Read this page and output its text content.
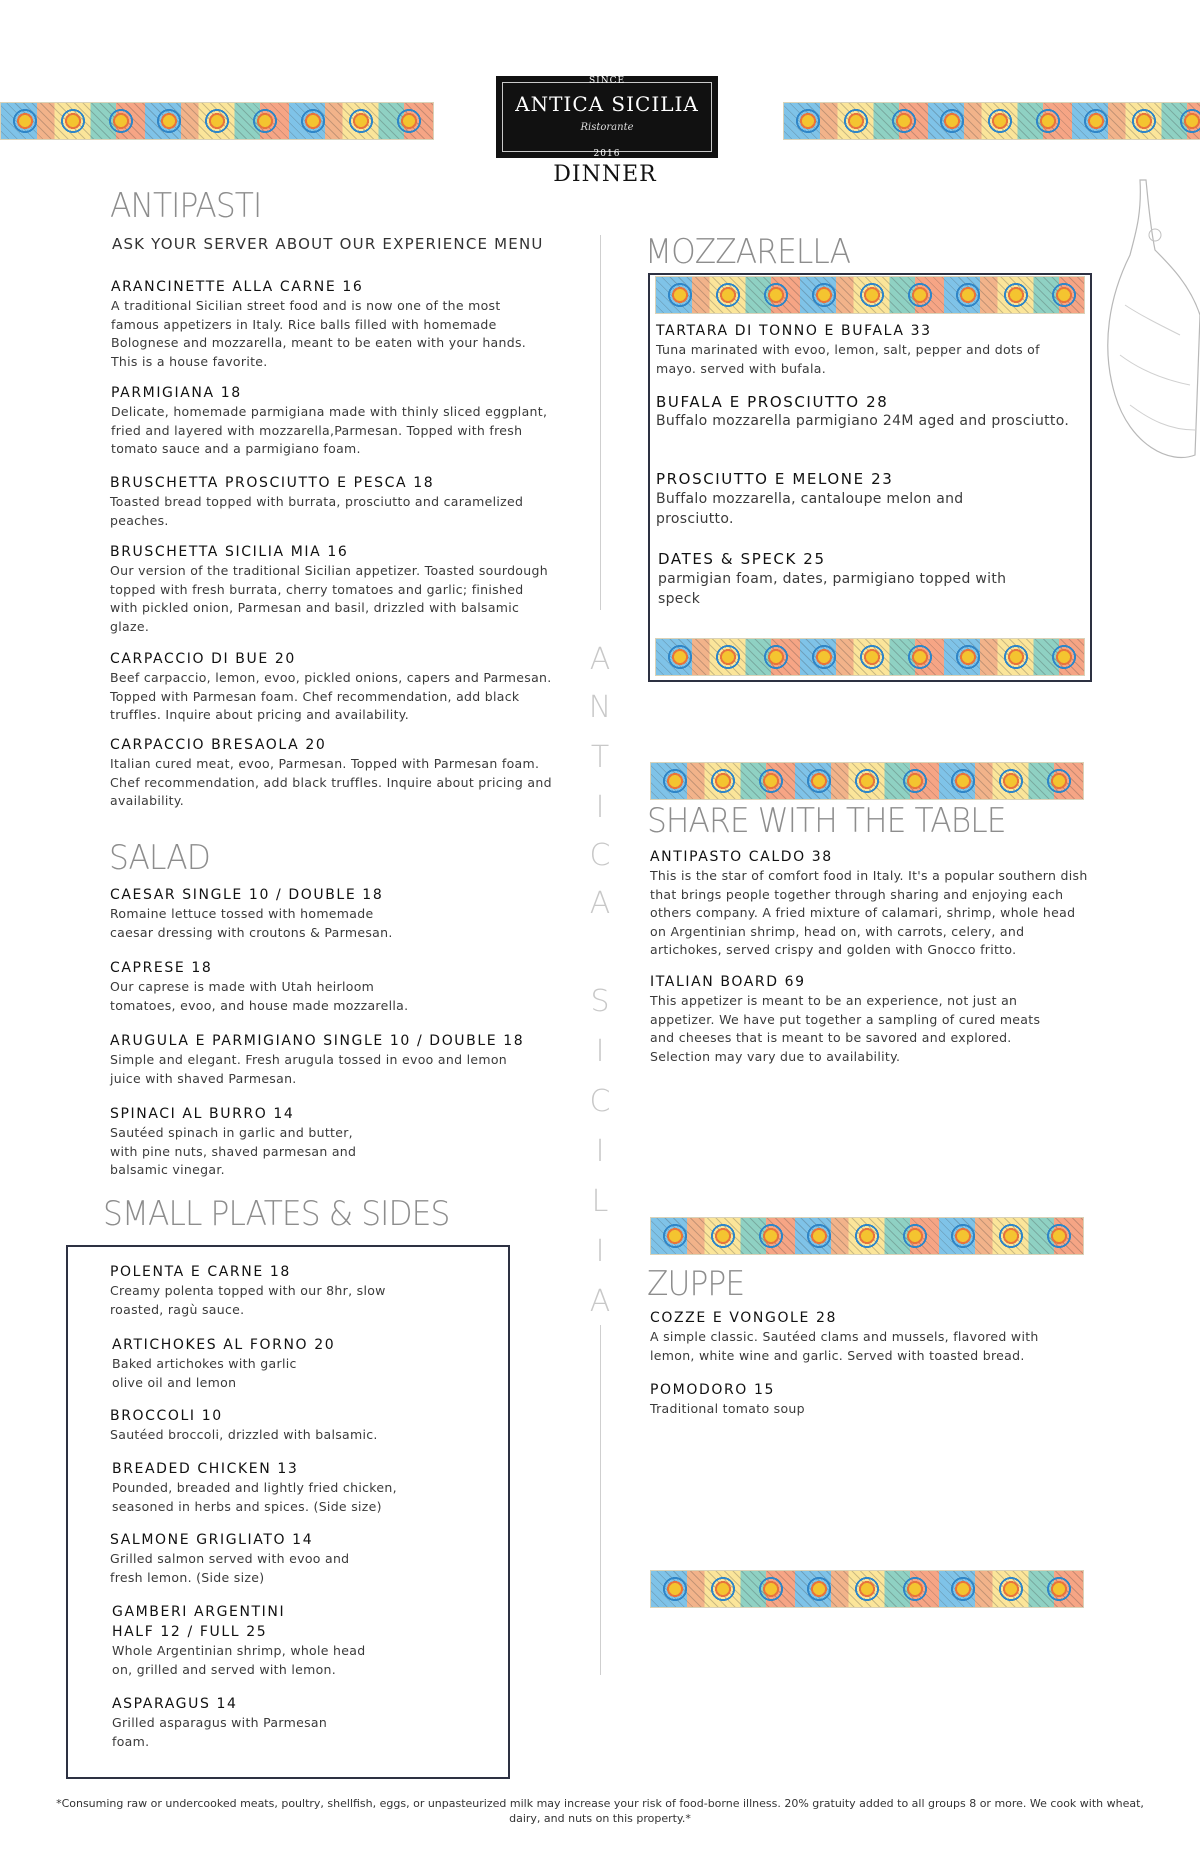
SINCE
ANTICA SICILIA
Ristorante
2016
DINNER
ANTIPASTI
ASK YOUR SERVER ABOUT OUR EXPERIENCE MENU
ARANCINETTE ALLA CARNE 16
A traditional Sicilian street food and is now one of the most famous appetizers in Italy. Rice balls filled with homemade Bolognese and mozzarella, meant to be eaten with your hands. This is a house favorite.
PARMIGIANA 18
Delicate, homemade parmigiana made with thinly sliced eggplant, fried and layered with mozzarella,Parmesan. Topped with fresh tomato sauce and a parmigiano foam.
BRUSCHETTA PROSCIUTTO E PESCA 18
Toasted bread topped with burrata, prosciutto and caramelized peaches.
BRUSCHETTA SICILIA MIA 16
Our version of the traditional Sicilian appetizer. Toasted sourdough topped with fresh burrata, cherry tomatoes and garlic; finished with pickled onion, Parmesan and basil, drizzled with balsamic glaze.
CARPACCIO DI BUE 20
Beef carpaccio, lemon, evoo, pickled onions, capers and Parmesan. Topped with Parmesan foam. Chef recommendation, add black truffles. Inquire about pricing and availability.
CARPACCIO BRESAOLA 20
Italian cured meat, evoo, Parmesan. Topped with Parmesan foam. Chef recommendation, add black truffles. Inquire about pricing and availability.
SALAD
CAESAR SINGLE 10 / DOUBLE 18
Romaine lettuce tossed with homemade caesar dressing with croutons & Parmesan.
CAPRESE 18
Our caprese is made with Utah heirloom tomatoes, evoo, and house made mozzarella.
ARUGULA E PARMIGIANO SINGLE 10 / DOUBLE 18
Simple and elegant. Fresh arugula tossed in evoo and lemon juice with shaved Parmesan.
SPINACI AL BURRO 14
Sautéed spinach in garlic and butter, with pine nuts, shaved parmesan and balsamic vinegar.
SMALL PLATES & SIDES
POLENTA E CARNE 18
Creamy polenta topped with our 8hr, slow roasted, ragù sauce.
ARTICHOKES AL FORNO 20
Baked artichokes with garlic olive oil and lemon
BROCCOLI 10
Sautéed broccoli, drizzled with balsamic.
BREADED CHICKEN 13
Pounded, breaded and lightly fried chicken, seasoned in herbs and spices. (Side size)
SALMONE GRIGLIATO 14
Grilled salmon served with evoo and fresh lemon. (Side size)
GAMBERI ARGENTINI HALF 12 / FULL 25
Whole Argentinian shrimp, whole head on, grilled and served with lemon.
ASPARAGUS 14
Grilled asparagus with Parmesan foam.
A
N
T
I
C
A
S
I
C
I
L
I
A
MOZZARELLA
TARTARA DI TONNO E BUFALA 33
Tuna marinated with evoo, lemon, salt, pepper and dots of mayo. served with bufala.
BUFALA E PROSCIUTTO 28
Buffalo mozzarella parmigiano 24M aged and prosciutto.
PROSCIUTTO E MELONE 23
Buffalo mozzarella, cantaloupe melon and prosciutto.
DATES & SPECK 25
parmigian foam, dates, parmigiano topped with speck
SHARE WITH THE TABLE
ANTIPASTO CALDO 38
This is the star of comfort food in Italy. It's a popular southern dish that brings people together through sharing and enjoying each others company. A fried mixture of calamari, shrimp, whole head on Argentinian shrimp, head on, with carrots, celery, and artichokes, served crispy and golden with Gnocco fritto.
ITALIAN BOARD 69
This appetizer is meant to be an experience, not just an appetizer. We have put together a sampling of cured meats and cheeses that is meant to be savored and explored. Selection may vary due to availability.
ZUPPE
COZZE E VONGOLE 28
A simple classic. Sautéed clams and mussels, flavored with lemon, white wine and garlic. Served with toasted bread.
POMODORO 15
Traditional tomato soup
*Consuming raw or undercooked meats, poultry, shellfish, eggs, or unpasteurized milk may increase your risk of food-borne illness. 20% gratuity added to all groups 8 or more. We cook with wheat, dairy, and nuts on this property.*
